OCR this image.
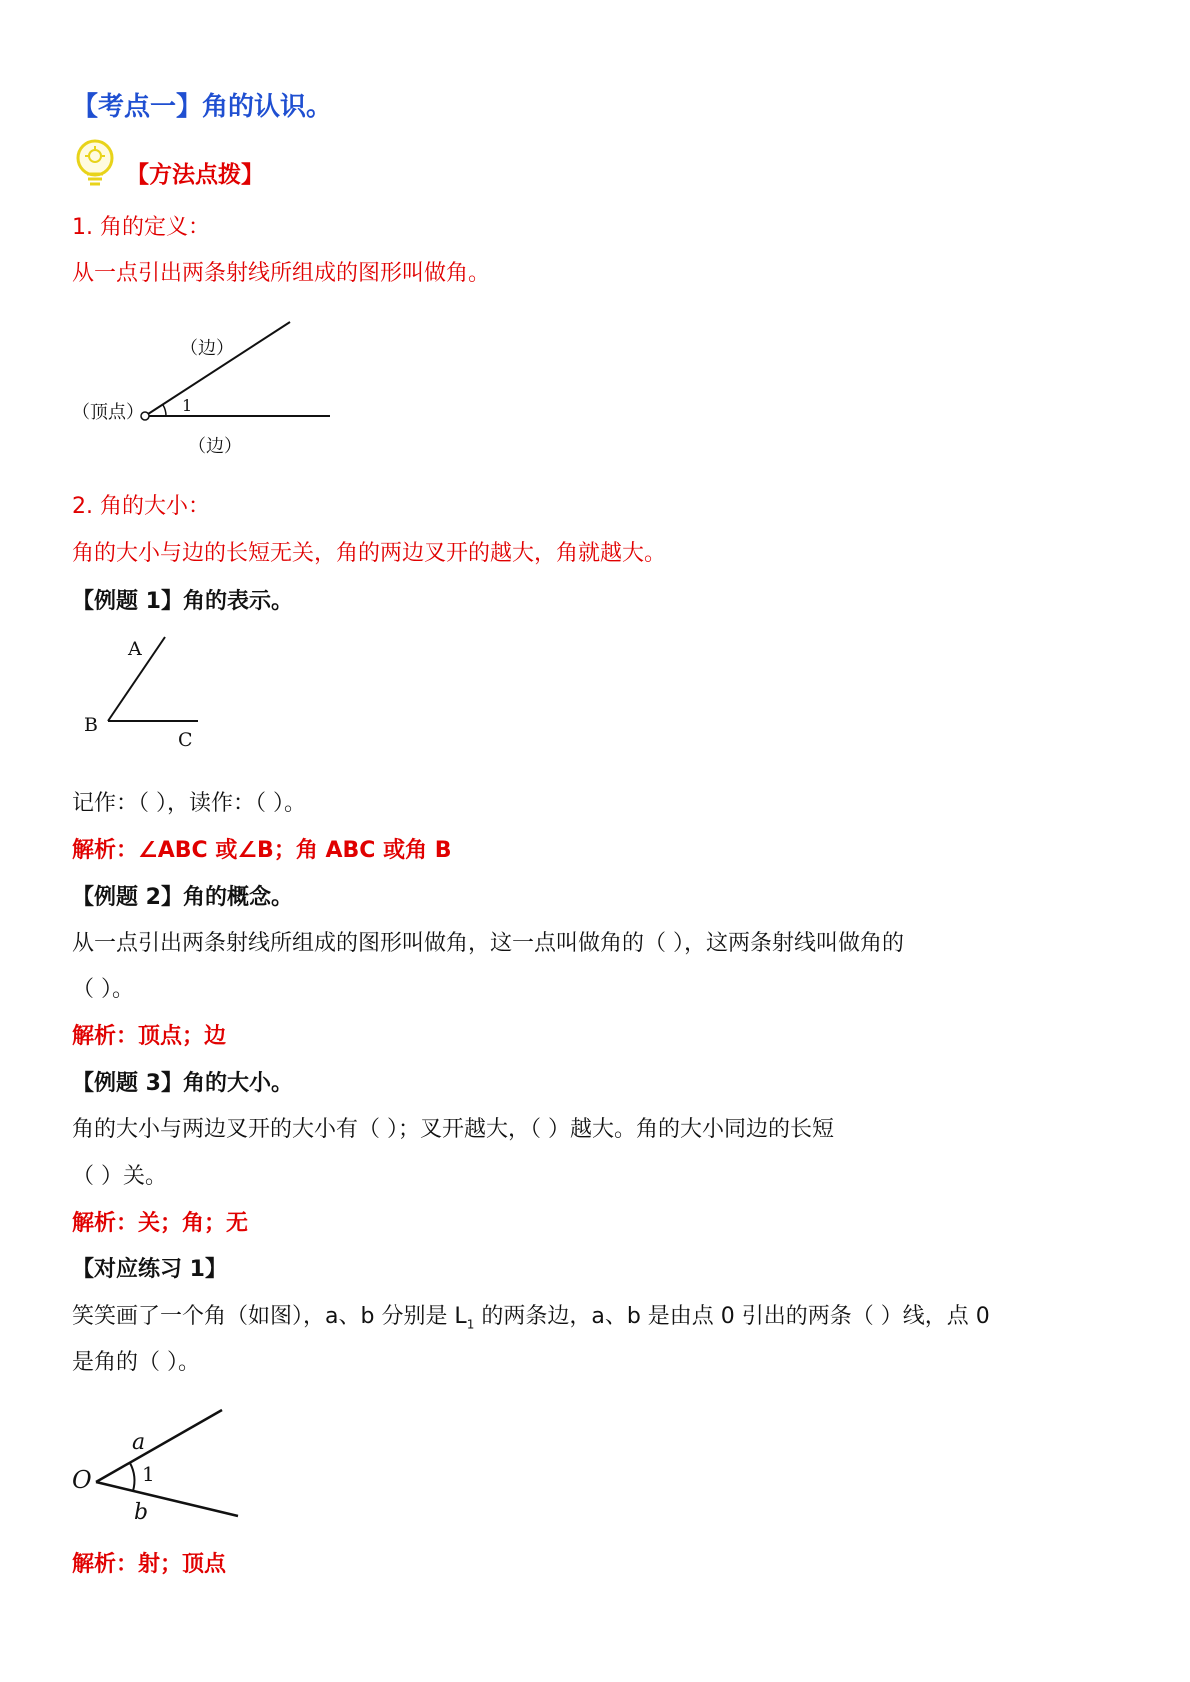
【考点一】角的认识。
【方法点拨】
1. 角的定义：
从一点引出两条射线所组成的图形叫做角。
（边）
（顶点） 1
（边）
2. 角的大小：
角的大小与边的长短无关，角的两边叉开的越大，角就越大。
【例题 1】角的表示。
A
B
C
记作：（ ），读作：（ ）。
解析：∠ABC 或∠B；角 ABC 或角 B
【例题 2】角的概念。
从一点引出两条射线所组成的图形叫做角，这一点叫做角的（ ），这两条射线叫做角的
（ ）。
解析：顶点；边
【例题 3】角的大小。
角的大小与两边叉开的大小有（ ）；叉开越大，（ ）越大。角的大小同边的长短
（ ）关。
解析：关；角；无
【对应练习 1】
笑笑画了一个角（如图），a、b 分别是 $L_1$ 的两条边，a、b 是由点 0 引出的两条（ ）线，点 0
是角的（ ）。
O
a
1
b
解析：射；顶点
